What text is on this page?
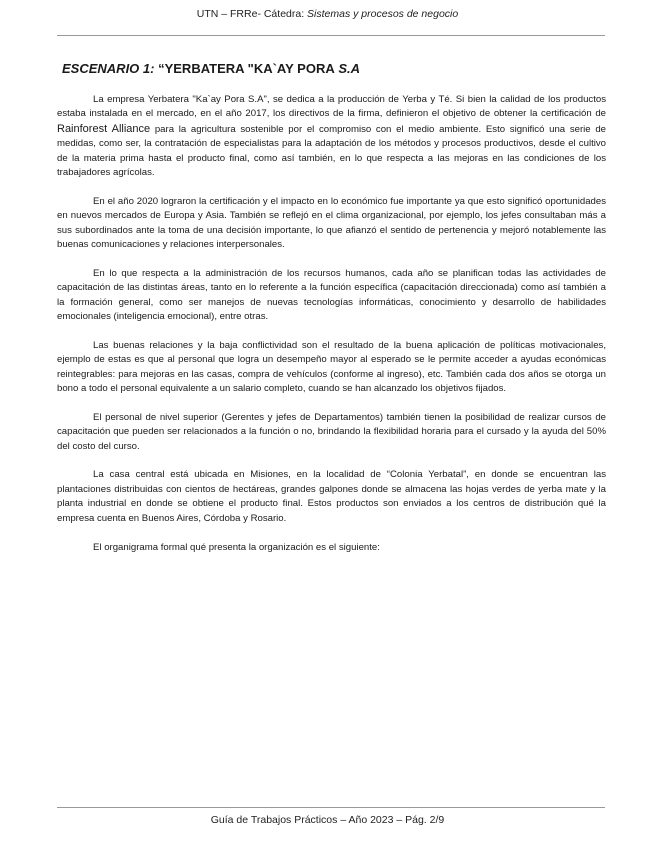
UTN – FRRe- Cátedra: Sistemas y procesos de negocio
ESCENARIO 1: “YERBATERA "KA`AY PORA S.A

La empresa Yerbatera "Ka`ay Pora S.A", se dedica a la producción de Yerba y Té. Si bien la calidad de los productos estaba instalada en el mercado, en el año 2017, los directivos de la firma, definieron el objetivo de obtener la certificación de Rainforest Alliance para la agricultura sostenible por el compromiso con el medio ambiente. Esto significó una serie de medidas, como ser, la contratación de especialistas para la adaptación de los métodos y procesos productivos, desde el cultivo de la materia prima hasta el producto final, como así también, en lo que respecta a las mejoras en las condiciones de los trabajadores agrícolas.

En el año 2020 lograron la certificación y el impacto en lo económico fue importante ya que esto significó oportunidades en nuevos mercados de Europa y Asia. También se reflejó en el clima organizacional, por ejemplo, los jefes consultaban más a sus subordinados ante la toma de una decisión importante, lo que afianzó el sentido de pertenencia y mejoró notablemente las buenas comunicaciones y relaciones interpersonales.

En lo que respecta a la administración de los recursos humanos, cada año se planifican todas las actividades de capacitación de las distintas áreas, tanto en lo referente a la función específica (capacitación direccionada) como así también a la formación general, como ser manejos de nuevas tecnologías informáticas, conocimiento y desarrollo de habilidades emocionales (inteligencia emocional), entre otras.

Las buenas relaciones y la baja conflictividad son el resultado de la buena aplicación de políticas motivacionales, ejemplo de estas es que al personal que logra un desempeño mayor al esperado se le permite acceder a ayudas económicas reintegrables: para mejoras en las casas, compra de vehículos (conforme al ingreso), etc. También cada dos años se otorga un bono a todo el personal equivalente a un salario completo, cuando se han alcanzado los objetivos fijados.

El personal de nivel superior (Gerentes y jefes de Departamentos) también tienen la posibilidad de realizar cursos de capacitación que pueden ser relacionados a la función o no, brindando la flexibilidad horaria para el cursado y la ayuda del 50% del costo del curso.

La casa central está ubicada en Misiones, en la localidad de “Colonia Yerbatal”, en donde se encuentran las plantaciones distribuidas con cientos de hectáreas, grandes galpones donde se almacena las hojas verdes de yerba mate y la planta industrial en donde se obtiene el producto final. Estos productos son enviados a los centros de distribución qué la empresa cuenta en Buenos Aires, Córdoba y Rosario.

El organigrama formal qué presenta la organización es el siguiente:

Guía de Trabajos Prácticos – Año 2023 – Pág. 2/9
